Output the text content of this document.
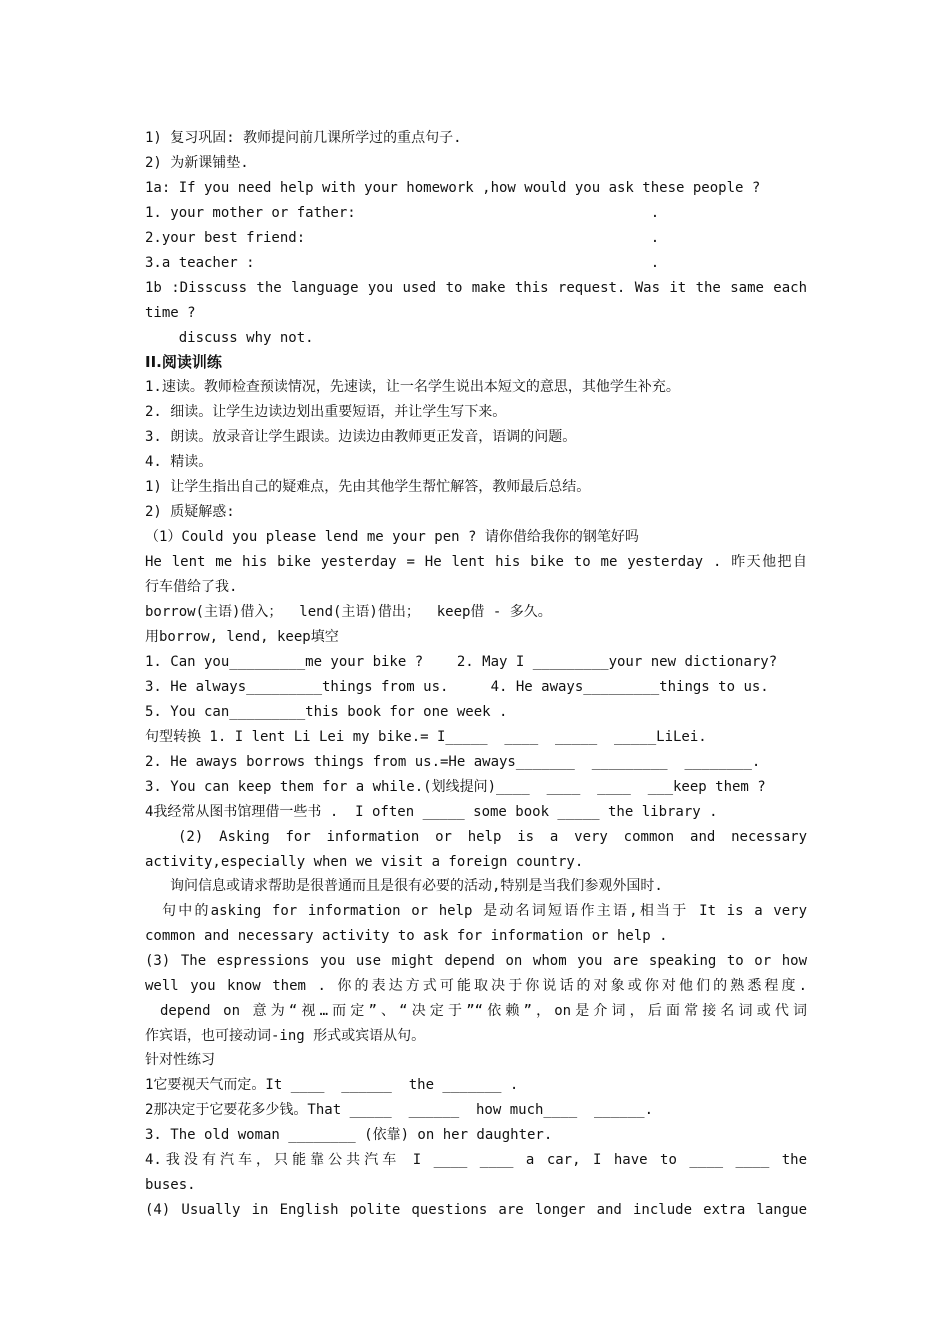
1) 复习巩固: 教师提问前几课所学过的重点句子.
2) 为新课铺垫.
1a: If you need help with your homework ,how would you ask these people ?
1. your mother or father:                                   .
2.your best friend:                                         .
3.a teacher :                                               .
1b :Disscuss the language you used to make this request. Was it the same each
time ?
discuss why not.
II.阅读训练
1.速读。教师检查预读情况，先速读，让一名学生说出本短文的意思，其他学生补充。
2. 细读。让学生边读边划出重要短语，并让学生写下来。
3. 朗读。放录音让学生跟读。边读边由教师更正发音，语调的问题。
4. 精读。
1) 让学生指出自己的疑难点，先由其他学生帮忙解答，教师最后总结。
2) 质疑解惑:
（1）Could you please lend me your pen ? 请你借给我你的钢笔好吗
He lent me his bike yesterday = He lent his bike to me yesterday . 昨天他把自
行车借给了我.
borrow(主语)借入；  lend(主语)借出；  keep借 - 多久。
用borrow, lend, keep填空
1. Can you_________me your bike ?    2. May I _________your new dictionary?
3. He always_________things from us.     4. He aways_________things to us.
5. You can_________this book for one week .
句型转换 1. I lent Li Lei my bike.= I_____  ____  _____  _____LiLei.
2. He aways borrows things from us.=He aways_______  _________  ________.
3. You can keep them for a while.(划线提问)____  ____  ____  ___keep them ?
4我经常从图书馆理借一些书 .  I often _____ some book _____ the library .
(2) Asking for information or help is a very common and necessary
activity,especially when we visit a foreign country.
询问信息或请求帮助是很普通而且是很有必要的活动,特别是当我们参观外国时.
句中的asking for information or help 是动名词短语作主语,相当于 It is a very
common and necessary activity to ask for information or help .
(3) The espressions you use might depend on whom you are speaking to or how
well you know them . 你的表达方式可能取决于你说话的对象或你对他们的熟悉程度.
depend on 意为“视…而定”、“决定于”“依赖”，on是介词，后面常接名词或代词
作宾语，也可接动词-ing 形式或宾语从句。
针对性练习
1它要视天气而定。It ____  ______  the _______ .
2那决定于它要花多少钱。That _____  ______  how much____  ______.
3. The old woman ________ (依靠) on her daughter.
4.我没有汽车，只能靠公共汽车 I ____ ____ a car, I have to ____ ____ the
buses.
(4) Usually in English polite questions are longer and include extra langue
